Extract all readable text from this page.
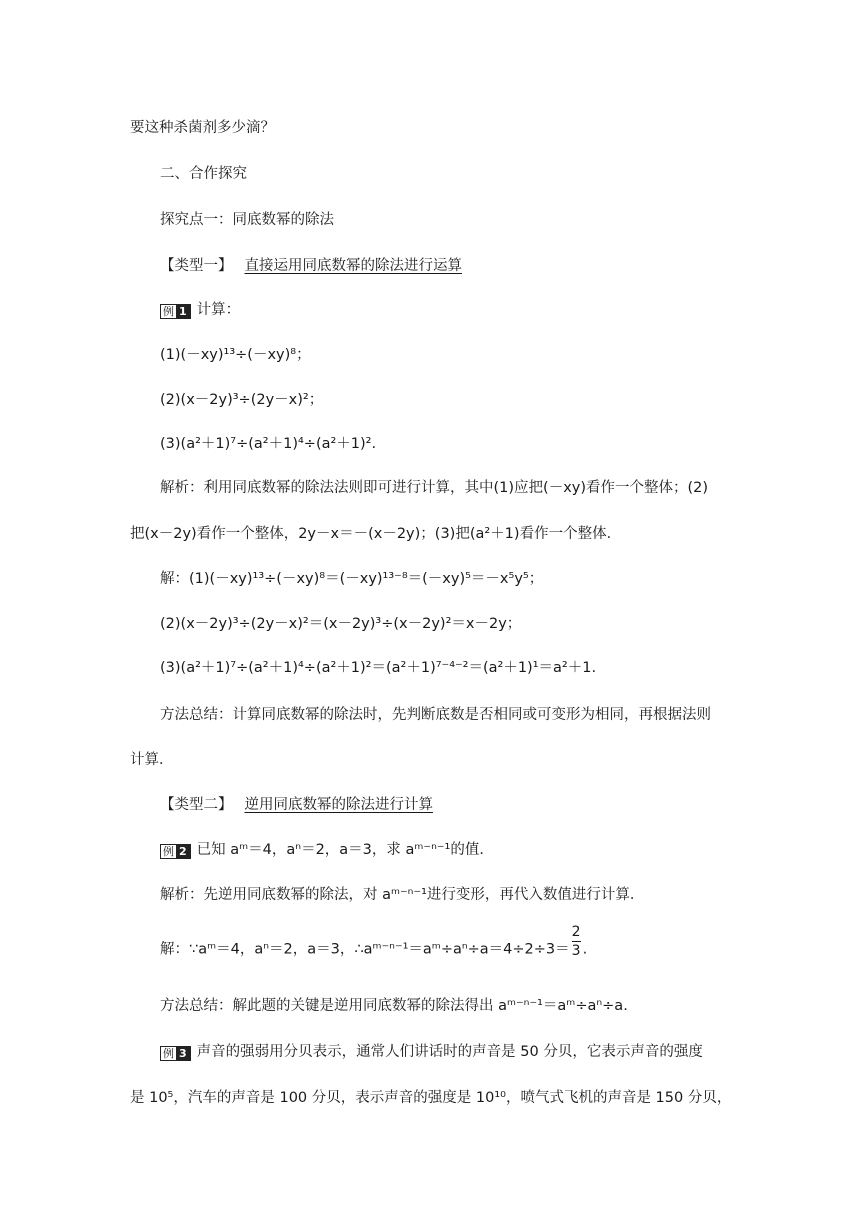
要这种杀菌剂多少滴？
二、合作探究
探究点一：同底数幂的除法
【类型一】 直接运用同底数幂的除法进行运算
例 1 计算：
(1)(－xy)¹³÷(－xy)⁸；
(2)(x－2y)³÷(2y－x)²；
(3)(a²＋1)⁷÷(a²＋1)⁴÷(a²＋1)².
解析：利用同底数幂的除法法则即可进行计算，其中(1)应把(－xy)看作一个整体；(2)
把(x－2y)看作一个整体，2y－x＝－(x－2y)；(3)把(a²＋1)看作一个整体．
解：(1)(－xy)¹³÷(－xy)⁸＝(－xy)¹³⁻⁸＝(－xy)⁵＝－x⁵y⁵；
(2)(x－2y)³÷(2y－x)²＝(x－2y)³÷(x－2y)²＝x－2y；
(3)(a²＋1)⁷÷(a²＋1)⁴÷(a²＋1)²＝(a²＋1)⁷⁻⁴⁻²＝(a²＋1)¹＝a²＋1.
方法总结：计算同底数幂的除法时，先判断底数是否相同或可变形为相同，再根据法则
计算．
【类型二】 逆用同底数幂的除法进行计算
例 2 已知 aᵐ＝4，aⁿ＝2，a＝3，求 aᵐ⁻ⁿ⁻¹的值．
解析：先逆用同底数幂的除法，对 aᵐ⁻ⁿ⁻¹进行变形，再代入数值进行计算．
解：∵aᵐ＝4，aⁿ＝2，a＝3，∴aᵐ⁻ⁿ⁻¹＝aᵐ÷aⁿ÷a＝4÷2÷3＝ $\frac{2}{3}$ .
方法总结：解此题的关键是逆用同底数幂的除法得出 aᵐ⁻ⁿ⁻¹＝aᵐ÷aⁿ÷a.
例 3 声音的强弱用分贝表示，通常人们讲话时的声音是 50 分贝，它表示声音的强度
是 10⁵，汽车的声音是 100 分贝，表示声音的强度是 10¹⁰，喷气式飞机的声音是 150 分贝，
